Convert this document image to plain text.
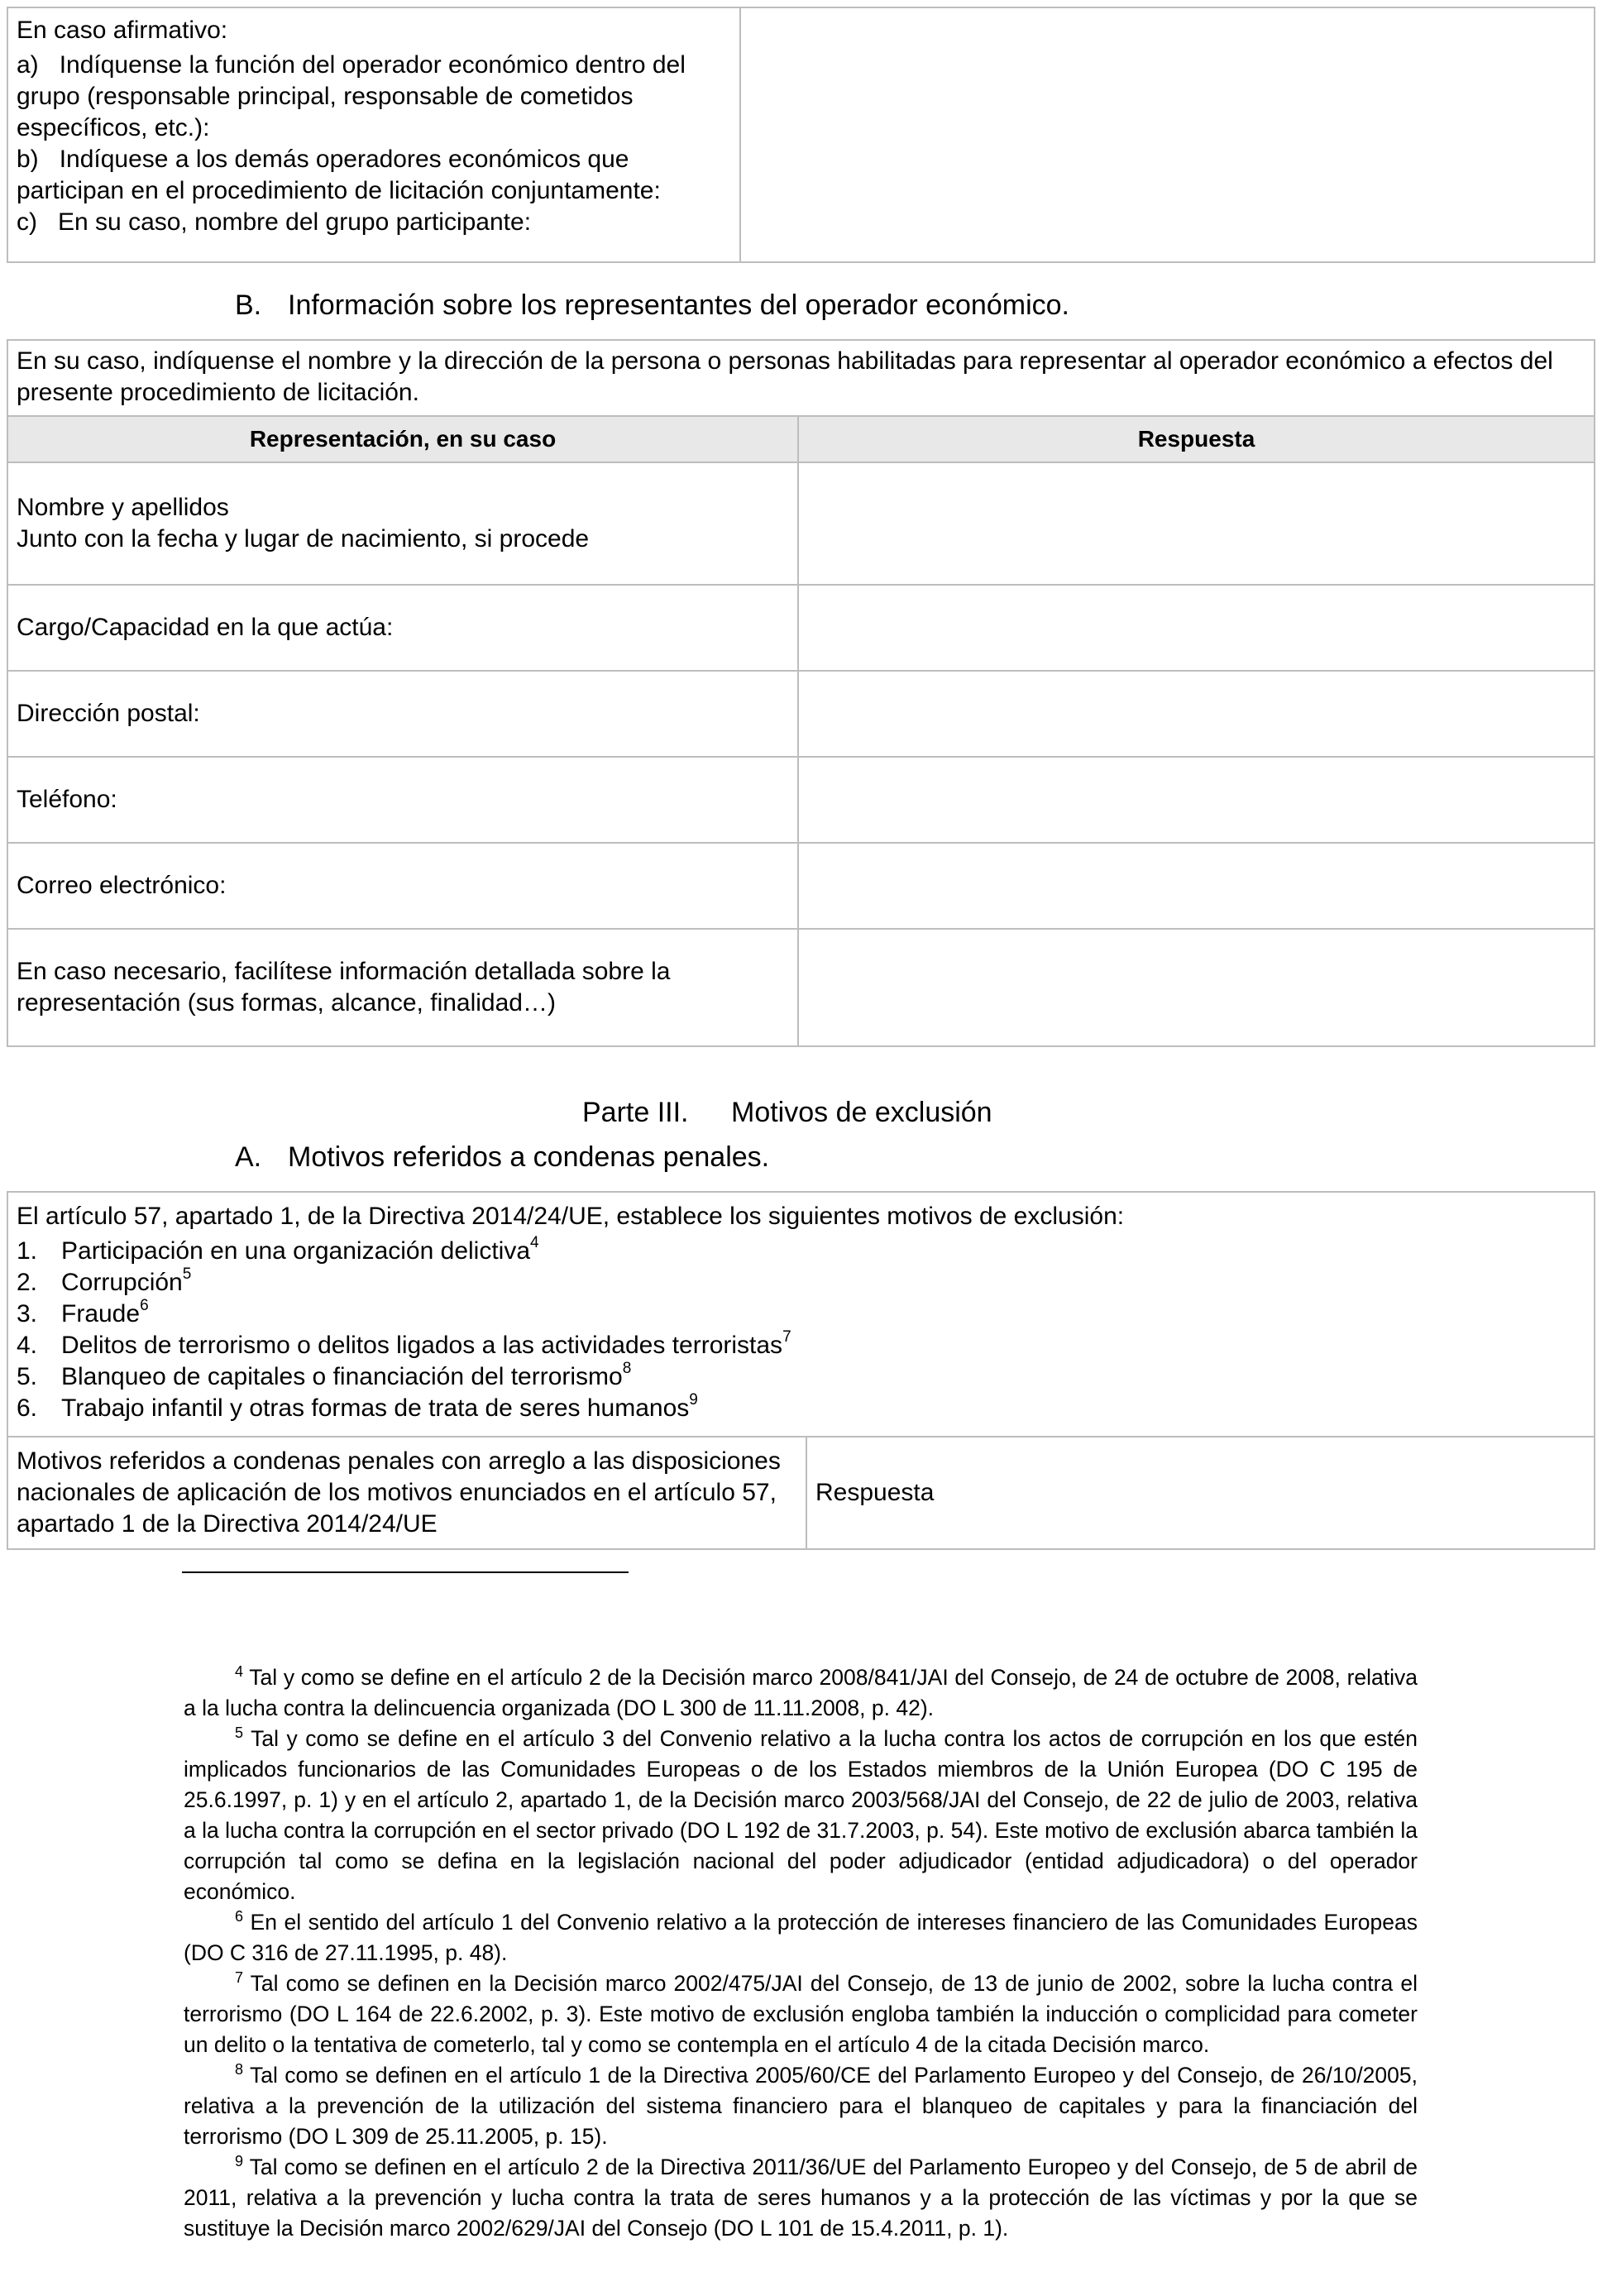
En caso afirmativo:
a) Indíquense la función del operador económico dentro del grupo (responsable principal, responsable de cometidos específicos, etc.):
b) Indíquese a los demás operadores económicos que participan en el procedimiento de licitación conjuntamente:
c) En su caso, nombre del grupo participante:

B. Información sobre los representantes del operador económico.
En su caso, indíquense el nombre y la dirección de la persona o personas habilitadas para representar al operador económico a efectos del presente procedimiento de licitación.
Representación, en su caso	Respuesta

Nombre y apellidos
Junto con la fecha y lugar de nacimiento, si procede	

Cargo/Capacidad en la que actúa:	
Dirección postal:	
Teléfono:	
Correo electrónico:	
En caso necesario, facilítese información detallada sobre la representación (sus formas, alcance, finalidad…)	
Parte III. Motivos de exclusión
A. Motivos referidos a condenas penales.
El artículo 57, apartado 1, de la Directiva 2014/24/UE, establece los siguientes motivos de exclusión:
1. Participación en una organización delictiva$^4$
2. Corrupción$^5$
3. Fraude$^6$
4. Delitos de terrorismo o delitos ligados a las actividades terroristas$^7$
5. Blanqueo de capitales o financiación del terrorismo$^8$
6. Trabajo infantil y otras formas de trata de seres humanos$^9$
Motivos referidos a condenas penales con arreglo a las disposiciones nacionales de aplicación de los motivos enunciados en el artículo 57, apartado 1 de la Directiva 2014/24/UE	Respuesta

$^4$ Tal y como se define en el artículo 2 de la Decisión marco 2008/841/JAI del Consejo, de 24 de octubre de 2008, relativa a la lucha contra la delincuencia organizada (DO L 300 de 11.11.2008, p. 42).

$^5$ Tal y como se define en el artículo 3 del Convenio relativo a la lucha contra los actos de corrupción en los que estén implicados funcionarios de las Comunidades Europeas o de los Estados miembros de la Unión Europea (DO C 195 de 25.6.1997, p. 1) y en el artículo 2, apartado 1, de la Decisión marco 2003/568/JAI del Consejo, de 22 de julio de 2003, relativa a la lucha contra la corrupción en el sector privado (DO L 192 de 31.7.2003, p. 54). Este motivo de exclusión abarca también la corrupción tal como se defina en la legislación nacional del poder adjudicador (entidad adjudicadora) o del operador económico.

$^6$ En el sentido del artículo 1 del Convenio relativo a la protección de intereses financiero de las Comunidades Europeas (DO C 316 de 27.11.1995, p. 48).

$^7$ Tal como se definen en la Decisión marco 2002/475/JAI del Consejo, de 13 de junio de 2002, sobre la lucha contra el terrorismo (DO L 164 de 22.6.2002, p. 3). Este motivo de exclusión engloba también la inducción o complicidad para cometer un delito o la tentativa de cometerlo, tal y como se contempla en el artículo 4 de la citada Decisión marco.

$^8$ Tal como se definen en el artículo 1 de la Directiva 2005/60/CE del Parlamento Europeo y del Consejo, de 26/10/2005, relativa a la prevención de la utilización del sistema financiero para el blanqueo de capitales y para la financiación del terrorismo (DO L 309 de 25.11.2005, p. 15).

$^9$ Tal como se definen en el artículo 2 de la Directiva 2011/36/UE del Parlamento Europeo y del Consejo, de 5 de abril de 2011, relativa a la prevención y lucha contra la trata de seres humanos y a la protección de las víctimas y por la que se sustituye la Decisión marco 2002/629/JAI del Consejo (DO L 101 de 15.4.2011, p. 1).
